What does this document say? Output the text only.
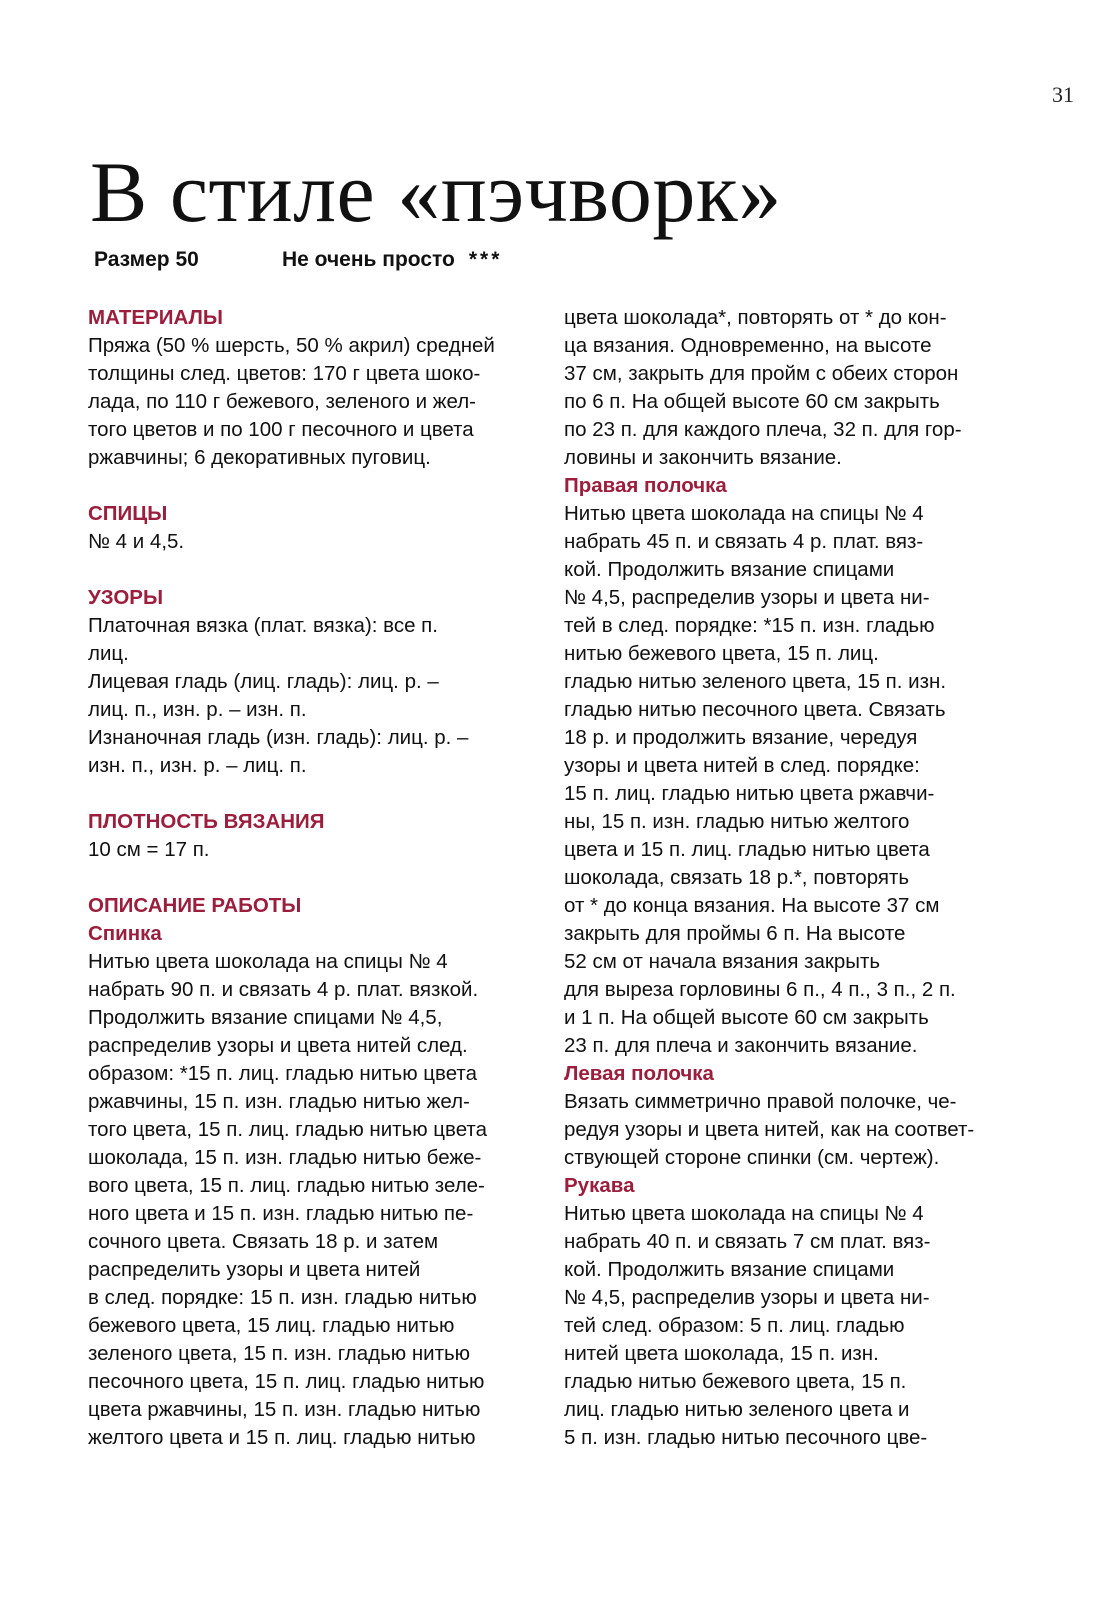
31
В стиле «пэчворк»
Размер 50	Не очень просто ***
МАТЕРИАЛЫ

Пряжа (50 % шерсть, 50 % акрил) средней
толщины след. цветов: 170 г цвета шоко-
лада, по 110 г бежевого, зеленого и жел-
того цветов и по 100 г песочного и цвета
ржавчины; 6 декоративных пуговиц.

СПИЦЫ

№ 4 и 4,5.

УЗОРЫ

Платочная вязка (плат. вязка): все п.
лиц.
Лицевая гладь (лиц. гладь): лиц. р. –
лиц. п., изн. р. – изн. п.
Изнаночная гладь (изн. гладь): лиц. р. –
изн. п., изн. р. – лиц. п.

ПЛОТНОСТЬ ВЯЗАНИЯ

10 см = 17 п.

ОПИСАНИЕ РАБОТЫ
Спинка

Нитью цвета шоколада на спицы № 4
набрать 90 п. и связать 4 р. плат. вязкой.
Продолжить вязание спицами № 4,5,
распределив узоры и цвета нитей след.
образом: *15 п. лиц. гладью нитью цвета
ржавчины, 15 п. изн. гладью нитью жел-
того цвета, 15 п. лиц. гладью нитью цвета
шоколада, 15 п. изн. гладью нитью беже-
вого цвета, 15 п. лиц. гладью нитью зеле-
ного цвета и 15 п. изн. гладью нитью пе-
сочного цвета. Связать 18 р. и затем
распределить узоры и цвета нитей
в след. порядке: 15 п. изн. гладью нитью
бежевого цвета, 15 лиц. гладью нитью
зеленого цвета, 15 п. изн. гладью нитью
песочного цвета, 15 п. лиц. гладью нитью
цвета ржавчины, 15 п. изн. гладью нитью
желтого цвета и 15 п. лиц. гладью нитью

цвета шоколада*, повторять от * до кон-
ца вязания. Одновременно, на высоте
37 см, закрыть для пройм с обеих сторон
по 6 п. На общей высоте 60 см закрыть
по 23 п. для каждого плеча, 32 п. для гор-
ловины и закончить вязание.

Правая полочка

Нитью цвета шоколада на спицы № 4
набрать 45 п. и связать 4 р. плат. вяз-
кой. Продолжить вязание спицами
№ 4,5, распределив узоры и цвета ни-
тей в след. порядке: *15 п. изн. гладью
нитью бежевого цвета, 15 п. лиц.
гладью нитью зеленого цвета, 15 п. изн.
гладью нитью песочного цвета. Связать
18 р. и продолжить вязание, чередуя
узоры и цвета нитей в след. порядке:
15 п. лиц. гладью нитью цвета ржавчи-
ны, 15 п. изн. гладью нитью желтого
цвета и 15 п. лиц. гладью нитью цвета
шоколада, связать 18 р.*, повторять
от * до конца вязания. На высоте 37 см
закрыть для проймы 6 п. На высоте
52 см от начала вязания закрыть
для выреза горловины 6 п., 4 п., 3 п., 2 п.
и 1 п. На общей высоте 60 см закрыть
23 п. для плеча и закончить вязание.

Левая полочка

Вязать симметрично правой полочке, че-
редуя узоры и цвета нитей, как на соответ-
ствующей стороне спинки (см. чертеж).

Рукава

Нитью цвета шоколада на спицы № 4
набрать 40 п. и связать 7 см плат. вяз-
кой. Продолжить вязание спицами
№ 4,5, распределив узоры и цвета ни-
тей след. образом: 5 п. лиц. гладью
нитей цвета шоколада, 15 п. изн.
гладью нитью бежевого цвета, 15 п.
лиц. гладью нитью зеленого цвета и
5 п. изн. гладью нитью песочного цве-
